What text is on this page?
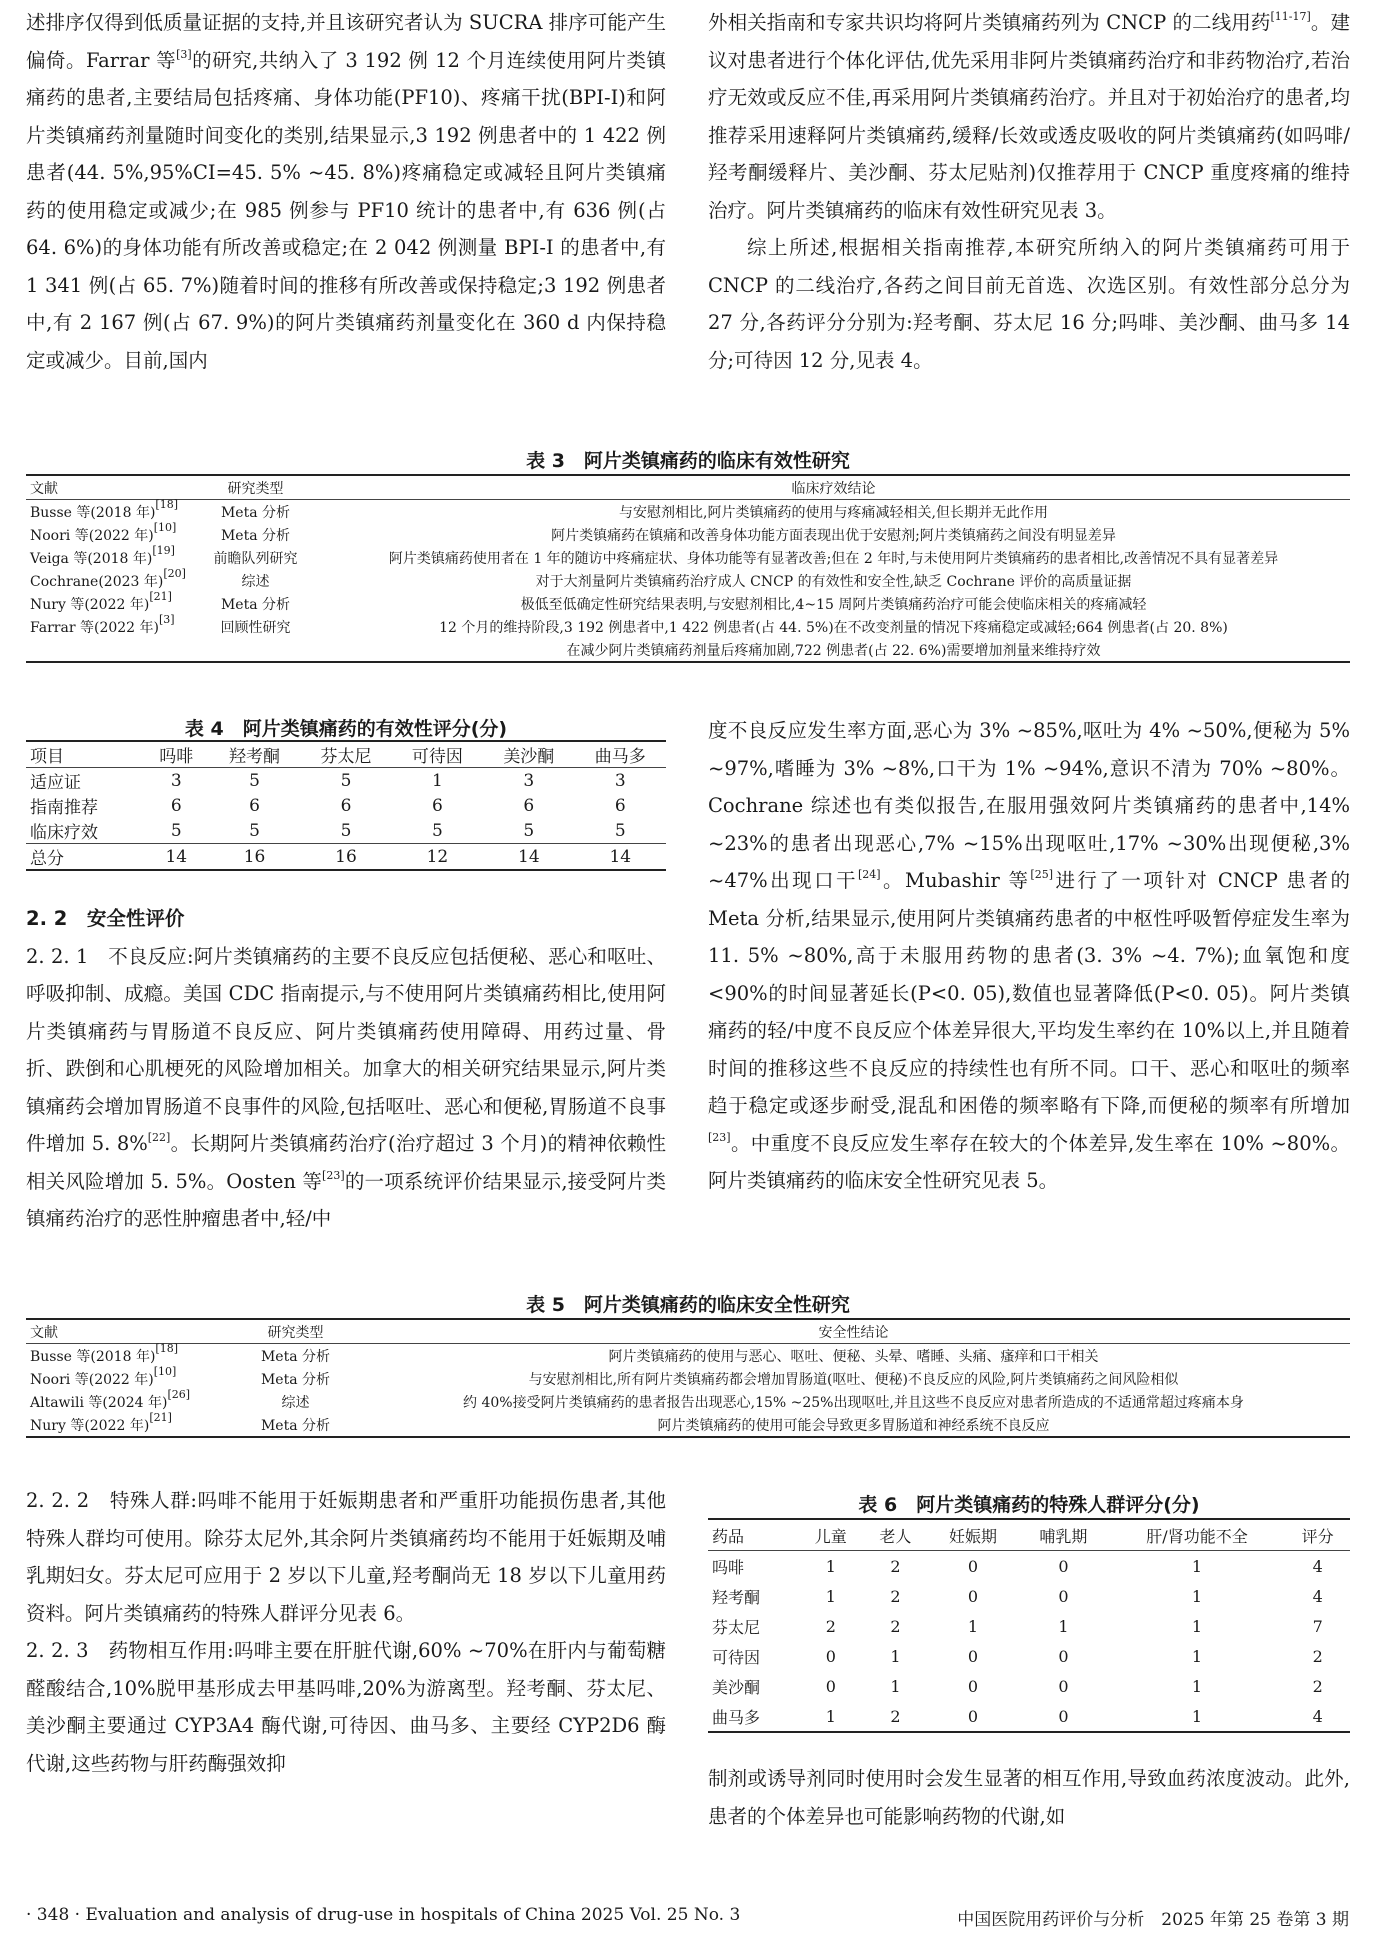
述排序仅得到低质量证据的支持,并且该研究者认为 SUCRA 排序可能产生偏倚。Farrar 等[3]的研究,共纳入了 3 192 例 12 个月连续使用阿片类镇痛药的患者,主要结局包括疼痛、身体功能(PF10)、疼痛干扰(BPI-I)和阿片类镇痛药剂量随时间变化的类别,结果显示,3 192 例患者中的 1 422 例患者(44. 5%,95%CI=45. 5% ~45. 8%)疼痛稳定或减轻且阿片类镇痛药的使用稳定或减少;在 985 例参与 PF10 统计的患者中,有 636 例(占 64. 6%)的身体功能有所改善或稳定;在 2 042 例测量 BPI-I 的患者中,有 1 341 例(占 65. 7%)随着时间的推移有所改善或保持稳定;3 192 例患者中,有 2 167 例(占 67. 9%)的阿片类镇痛药剂量变化在 360 d 内保持稳定或减少。目前,国内

外相关指南和专家共识均将阿片类镇痛药列为 CNCP 的二线用药[11-17]。建议对患者进行个体化评估,优先采用非阿片类镇痛药治疗和非药物治疗,若治疗无效或反应不佳,再采用阿片类镇痛药治疗。并且对于初始治疗的患者,均推荐采用速释阿片类镇痛药,缓释/长效或透皮吸收的阿片类镇痛药(如吗啡/羟考酮缓释片、美沙酮、芬太尼贴剂)仅推荐用于 CNCP 重度疼痛的维持治疗。阿片类镇痛药的临床有效性研究见表 3。

综上所述,根据相关指南推荐,本研究所纳入的阿片类镇痛药可用于 CNCP 的二线治疗,各药之间目前无首选、次选区别。有效性部分总分为 27 分,各药评分分别为:羟考酮、芬太尼 16 分;吗啡、美沙酮、曲马多 14 分;可待因 12 分,见表 4。

表 3　阿片类镇痛药的临床有效性研究
文献	研究类型	临床疗效结论
Busse 等(2018 年)[18]	Meta 分析	与安慰剂相比,阿片类镇痛药的使用与疼痛减轻相关,但长期并无此作用
Noori 等(2022 年)[10]	Meta 分析	阿片类镇痛药在镇痛和改善身体功能方面表现出优于安慰剂;阿片类镇痛药之间没有明显差异
Veiga 等(2018 年)[19]	前瞻队列研究	阿片类镇痛药使用者在 1 年的随访中疼痛症状、身体功能等有显著改善;但在 2 年时,与未使用阿片类镇痛药的患者相比,改善情况不具有显著差异
Cochrane(2023 年)[20]	综述	对于大剂量阿片类镇痛药治疗成人 CNCP 的有效性和安全性,缺乏 Cochrane 评价的高质量证据
Nury 等(2022 年)[21]	Meta 分析	极低至低确定性研究结果表明,与安慰剂相比,4~15 周阿片类镇痛药治疗可能会使临床相关的疼痛减轻
Farrar 等(2022 年)[3]	回顾性研究	12 个月的维持阶段,3 192 例患者中,1 422 例患者(占 44. 5%)在不改变剂量的情况下疼痛稳定或减轻;664 例患者(占 20. 8%)
		在减少阿片类镇痛药剂量后疼痛加剧,722 例患者(占 22. 6%)需要增加剂量来维持疗效
表 4　阿片类镇痛药的有效性评分(分)
项目	吗啡	羟考酮	芬太尼	可待因	美沙酮	曲马多
适应证	3	5	5	1	3	3
指南推荐	6	6	6	6	6	6
临床疗效	5	5	5	5	5	5
总分	14	16	16	12	14	14

2. 2　安全性评价

2. 2. 1　不良反应:阿片类镇痛药的主要不良反应包括便秘、恶心和呕吐、呼吸抑制、成瘾。美国 CDC 指南提示,与不使用阿片类镇痛药相比,使用阿片类镇痛药与胃肠道不良反应、阿片类镇痛药使用障碍、用药过量、骨折、跌倒和心肌梗死的风险增加相关。加拿大的相关研究结果显示,阿片类镇痛药会增加胃肠道不良事件的风险,包括呕吐、恶心和便秘,胃肠道不良事件增加 5. 8%[22]。长期阿片类镇痛药治疗(治疗超过 3 个月)的精神依赖性相关风险增加 5. 5%。Oosten 等[23]的一项系统评价结果显示,接受阿片类镇痛药治疗的恶性肿瘤患者中,轻/中

度不良反应发生率方面,恶心为 3% ~85%,呕吐为 4% ~50%,便秘为 5% ~97%,嗜睡为 3% ~8%,口干为 1% ~94%,意识不清为 70% ~80%。Cochrane 综述也有类似报告,在服用强效阿片类镇痛药的患者中,14% ~23%的患者出现恶心,7% ~15%出现呕吐,17% ~30%出现便秘,3% ~47%出现口干[24]。Mubashir 等[25]进行了一项针对 CNCP 患者的 Meta 分析,结果显示,使用阿片类镇痛药患者的中枢性呼吸暂停症发生率为 11. 5% ~80%,高于未服用药物的患者(3. 3% ~4. 7%);血氧饱和度<90%的时间显著延长(P<0. 05),数值也显著降低(P<0. 05)。阿片类镇痛药的轻/中度不良反应个体差异很大,平均发生率约在 10%以上,并且随着时间的推移这些不良反应的持续性也有所不同。口干、恶心和呕吐的频率趋于稳定或逐步耐受,混乱和困倦的频率略有下降,而便秘的频率有所增加[23]。中重度不良反应发生率存在较大的个体差异,发生率在 10% ~80%。阿片类镇痛药的临床安全性研究见表 5。

表 5　阿片类镇痛药的临床安全性研究
文献	研究类型	安全性结论
Busse 等(2018 年)[18]	Meta 分析	阿片类镇痛药的使用与恶心、呕吐、便秘、头晕、嗜睡、头痛、瘙痒和口干相关
Noori 等(2022 年)[10]	Meta 分析	与安慰剂相比,所有阿片类镇痛药都会增加胃肠道(呕吐、便秘)不良反应的风险,阿片类镇痛药之间风险相似
Altawili 等(2024 年)[26]	综述	约 40%接受阿片类镇痛药的患者报告出现恶心,15% ~25%出现呕吐,并且这些不良反应对患者所造成的不适通常超过疼痛本身
Nury 等(2022 年)[21]	Meta 分析	阿片类镇痛药的使用可能会导致更多胃肠道和神经系统不良反应

2. 2. 2　特殊人群:吗啡不能用于妊娠期患者和严重肝功能损伤患者,其他特殊人群均可使用。除芬太尼外,其余阿片类镇痛药均不能用于妊娠期及哺乳期妇女。芬太尼可应用于 2 岁以下儿童,羟考酮尚无 18 岁以下儿童用药资料。阿片类镇痛药的特殊人群评分见表 6。

2. 2. 3　药物相互作用:吗啡主要在肝脏代谢,60% ~70%在肝内与葡萄糖醛酸结合,10%脱甲基形成去甲基吗啡,20%为游离型。羟考酮、芬太尼、美沙酮主要通过 CYP3A4 酶代谢,可待因、曲马多、主要经 CYP2D6 酶代谢,这些药物与肝药酶强效抑

表 6　阿片类镇痛药的特殊人群评分(分)
药品	儿童	老人	妊娠期	哺乳期	肝/肾功能不全	评分
吗啡	1	2	0	0	1	4
羟考酮	1	2	0	0	1	4
芬太尼	2	2	1	1	1	7
可待因	0	1	0	0	1	2
美沙酮	0	1	0	0	1	2
曲马多	1	2	0	0	1	4

制剂或诱导剂同时使用时会发生显著的相互作用,导致血药浓度波动。此外,患者的个体差异也可能影响药物的代谢,如

· 348 · Evaluation and analysis of drug-use in hospitals of China 2025 Vol. 25 No. 3	中国医院用药评价与分析　2025 年第 25 卷第 3 期
